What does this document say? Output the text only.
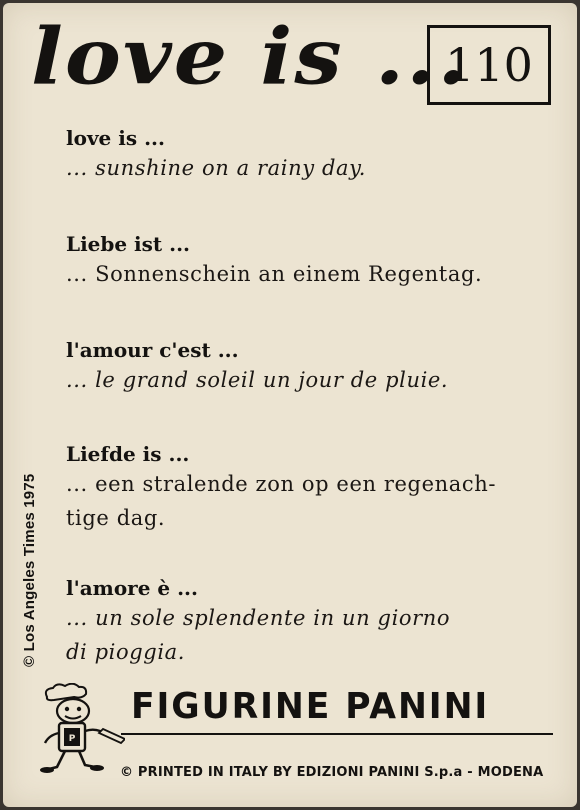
love is ...
110
love is ...
... sunshine on a rainy day.
Liebe ist ...
... Sonnenschein an einem Regentag.
l'amour c'est ...
... le grand soleil un jour de pluie.
Liefde is ...
... een stralende zon op een regenach-
tige dag.
l'amore è ...
... un sole splendente in un giorno
di pioggia.
© Los Angeles Times 1975
P
FIGURINE PANINI
© PRINTED IN ITALY BY EDIZIONI PANINI S.p.a - MODENA
